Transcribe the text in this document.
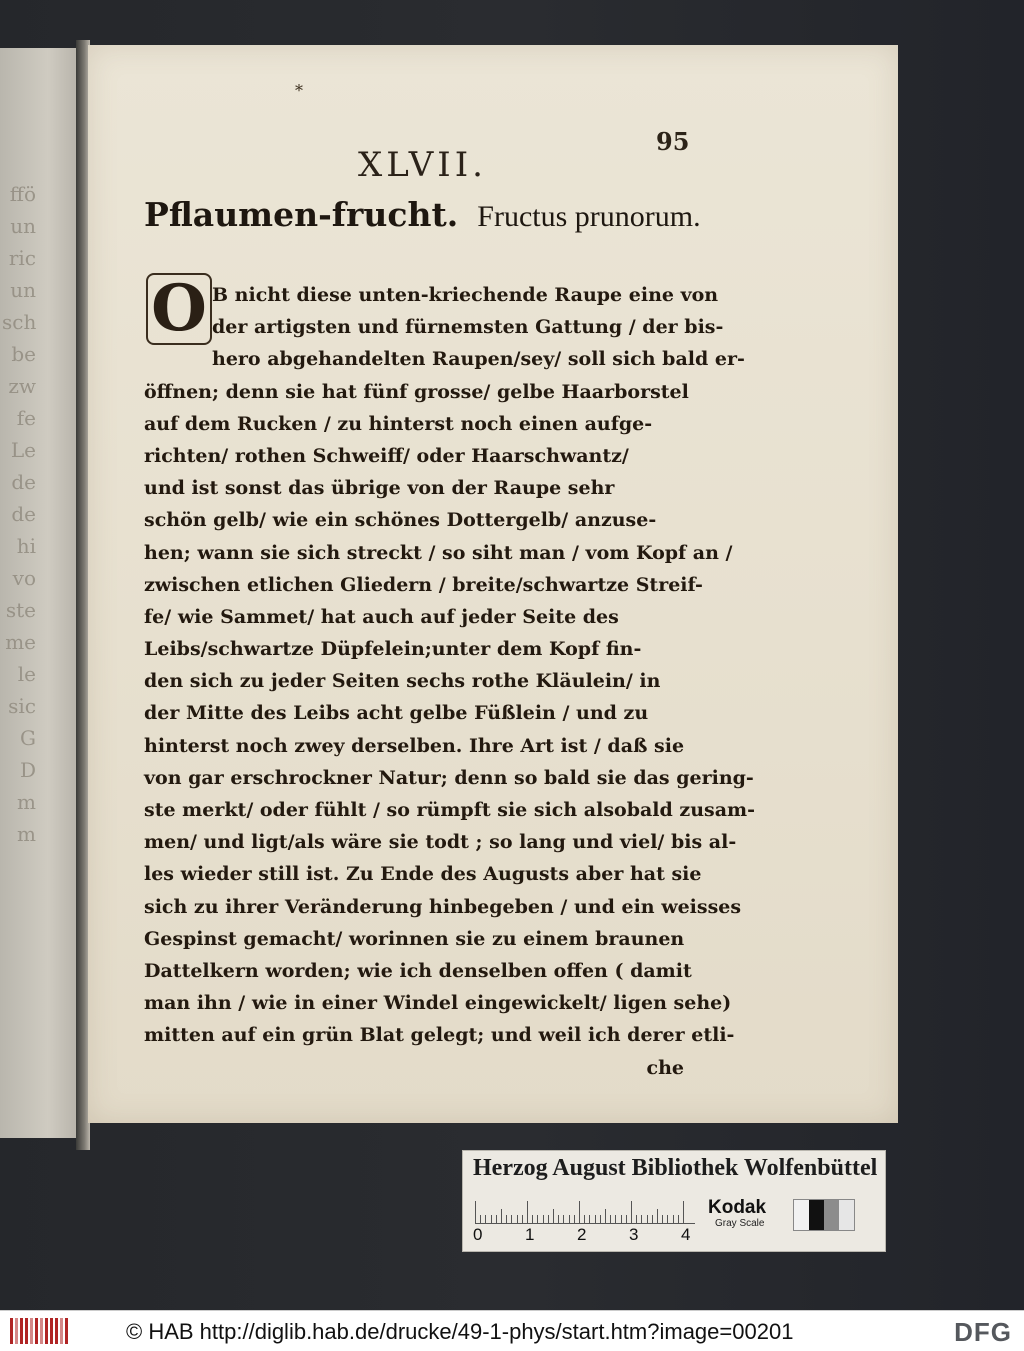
ffö
un
ric
un
sch
be
zw
fe
Le
de
de
hi
vo
ste
me
le
sic
G
D
m
m
*
95
XLVII.
Pflaumen-frucht. Fructus prunorum.
O B nicht diese unten-kriechende Raupe eine von
der artigsten und fürnemsten Gattung / der bis-
hero abgehandelten Raupen/sey/ soll sich bald er-
öffnen; denn sie hat fünf grosse/ gelbe Haarborstel
auf dem Rucken / zu hinterst noch einen aufge-
richten/ rothen Schweiff/ oder Haarschwantz/
und ist sonst das übrige von der Raupe sehr
schön gelb/ wie ein schönes Dottergelb/ anzuse-
hen; wann sie sich streckt / so siht man / vom Kopf an /
zwischen etlichen Gliedern / breite/schwartze Streif-
fe/ wie Sammet/ hat auch auf jeder Seite des
Leibs/schwartze Düpfelein;unter dem Kopf fin-
den sich zu jeder Seiten sechs rothe Kläulein/ in
der Mitte des Leibs acht gelbe Füßlein / und zu
hinterst noch zwey derselben. Ihre Art ist / daß sie
von gar erschrockner Natur; denn so bald sie das gering-
ste merkt/ oder fühlt / so rümpft sie sich alsobald zusam-
men/ und ligt/als wäre sie todt ; so lang und viel/ bis al-
les wieder still ist. Zu Ende des Augusts aber hat sie
sich zu ihrer Veränderung hinbegeben / und ein weisses
Gespinst gemacht/ worinnen sie zu einem braunen
Dattelkern worden; wie ich denselben offen ( damit
man ihn / wie in einer Windel eingewickelt/ ligen sehe)
mitten auf ein grün Blat gelegt; und weil ich derer etli-
che
Herzog August Bibliothek Wolfenbüttel
0	1	2	3	4
Kodak
Gray Scale
© HAB http://diglib.hab.de/drucke/49-1-phys/start.htm?image=00201	DFG
